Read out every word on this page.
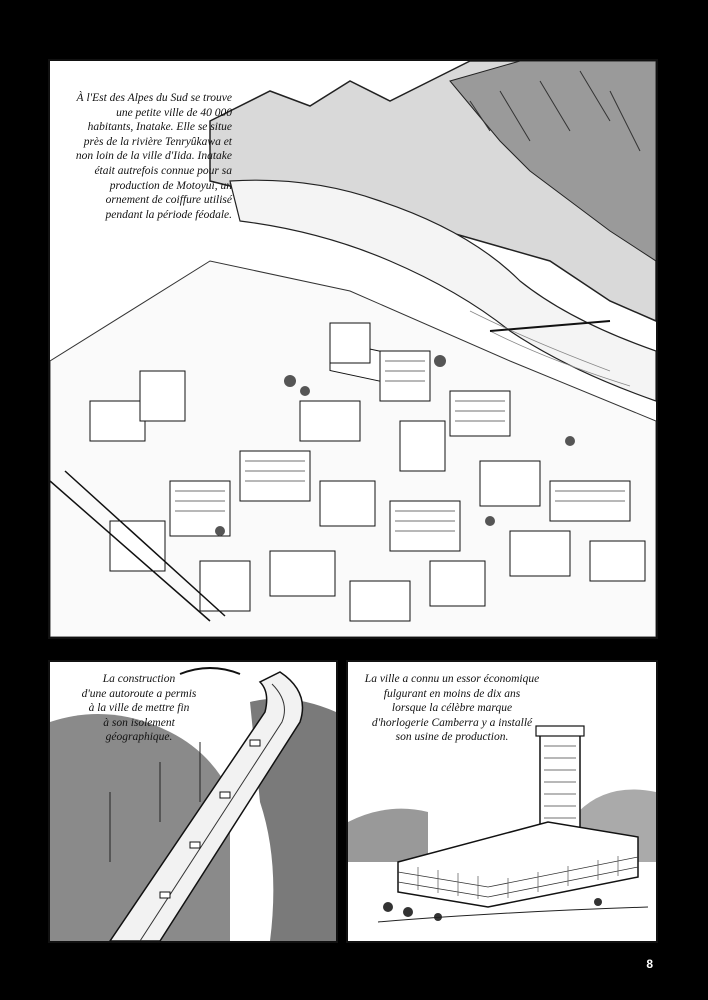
À l'Est des Alpes du Sud se trouve une petite ville de 40 000 habitants, Inatake. Elle se situe près de la rivière Tenryûkawa et non loin de la ville d'Iida. Inatake était autrefois connue pour sa production de Motoyui, un ornement de coiffure utilisé pendant la période féodale.
La construction
d'une autoroute a permis
à la ville de mettre fin
à son isolement
géographique.
La ville a connu un essor économique
fulgurant en moins de dix ans
lorsque la célèbre marque
d'horlogerie Camberra y a installé
son usine de production.
8
